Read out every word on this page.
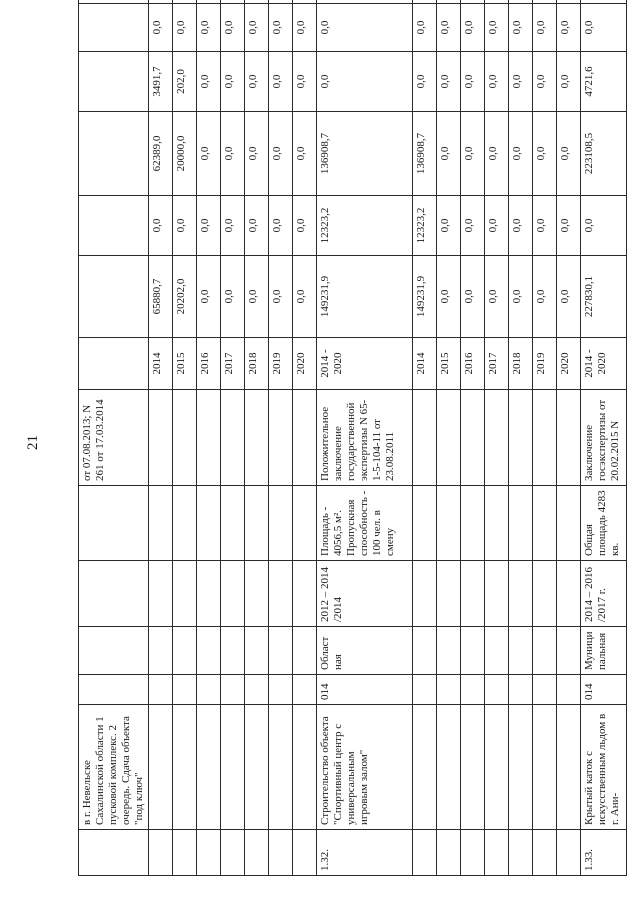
21
	в г. Невельске Сахалинской области 1 пусковой комплекс. 2 очередь. Сдача объекта "под ключ"					от 07.08.2013; N 261 от 17.03.2014							
							2014	65880,7	0,0	62389,0	3491,7	0,0	
							2015	20202,0	0,0	20000,0	202,0	0,0	
							2016	0,0	0,0	0,0	0,0	0,0	
							2017	0,0	0,0	0,0	0,0	0,0	
							2018	0,0	0,0	0,0	0,0	0,0	
							2019	0,0	0,0	0,0	0,0	0,0	
							2020	0,0	0,0	0,0	0,0	0,0	
1.32.	Строительство объекта "Спортивный центр с универсальным игровым залом"	014	Областная	2012 – 2014 /2014	Площадь - 4056,5 м². Пропускная способность - 100 чел. в смену	Положительное заключение государственной экспертизы N 65-1-5-104-11 от 23.08.2011	2014 - 2020	149231,9	12323,2	136908,7	0,0	0,0	
							2014	149231,9	12323,2	136908,7	0,0	0,0	
							2015	0,0	0,0	0,0	0,0	0,0	
							2016	0,0	0,0	0,0	0,0	0,0	
							2017	0,0	0,0	0,0	0,0	0,0	
							2018	0,0	0,0	0,0	0,0	0,0	
							2019	0,0	0,0	0,0	0,0	0,0	
							2020	0,0	0,0	0,0	0,0	0,0	
1.33.	Крытый каток с искусственным льдом в г. Ани-	014	Муниципальная	2014 – 2016 /2017 г.	Общая площадь 4283 кв.	Заключение госэкспертизы от 20.02.2015 N	2014 - 2020	227830,1	0,0	223108,5	4721,6	0,0	
